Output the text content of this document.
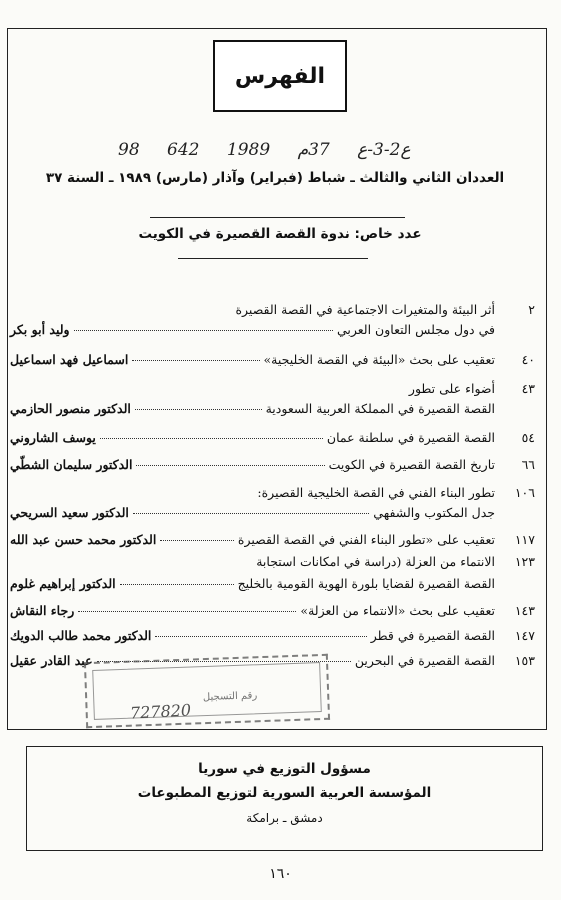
الفهرس
98 ع2-3-ع 37م 1989 642
العددان الثاني والثالث ـ شباط (فبراير) وآذار (مارس) ١٩٨٩ ـ السنة ٣٧
عدد خاص: ندوة القصة القصيرة في الكويت
٢
أثر البيئة والمتغيرات الاجتماعية في القصة القصيرة
في دول مجلس التعاون العربي
وليد أبو بكر
٤٠
تعقيب على بحث «البيئة في القصة الخليجية»
اسماعيل فهد اسماعيل
٤٣
أضواء على تطور
القصة القصيرة في المملكة العربية السعودية
الدكتور منصور الحازمي
٥٤
القصة القصيرة في سلطنة عمان
يوسف الشاروني
٦٦
تاريخ القصة القصيرة في الكويت
الدكتور سليمان الشطّي
١٠٦
تطور البناء الفني في القصة الخليجية القصيرة:
جدل المكتوب والشفهي
الدكتور سعيد السريحي
١١٧
تعقيب على «تطور البناء الفني في القصة القصيرة
الدكتور محمد حسن عبد الله
١٢٣
الانتماء من العزلة (دراسة في امكانات استجابة
القصة القصيرة لقضايا بلورة الهوية القومية بالخليج
الدكتور إبراهيم غلوم
١٤٣
تعقيب على بحث «الانتماء من العزلة»
رجاء النقاش
١٤٧
القصة القصيرة في قطر
الدكتور محمد طالب الدويك
١٥٣
القصة القصيرة في البحرين
عبد القادر عقيل
رقم التسجيل
727820
مسؤول التوزيع في سوريا
المؤسسة العربية السورية لتوزيع المطبوعات
دمشق ـ برامكة
١٦٠
